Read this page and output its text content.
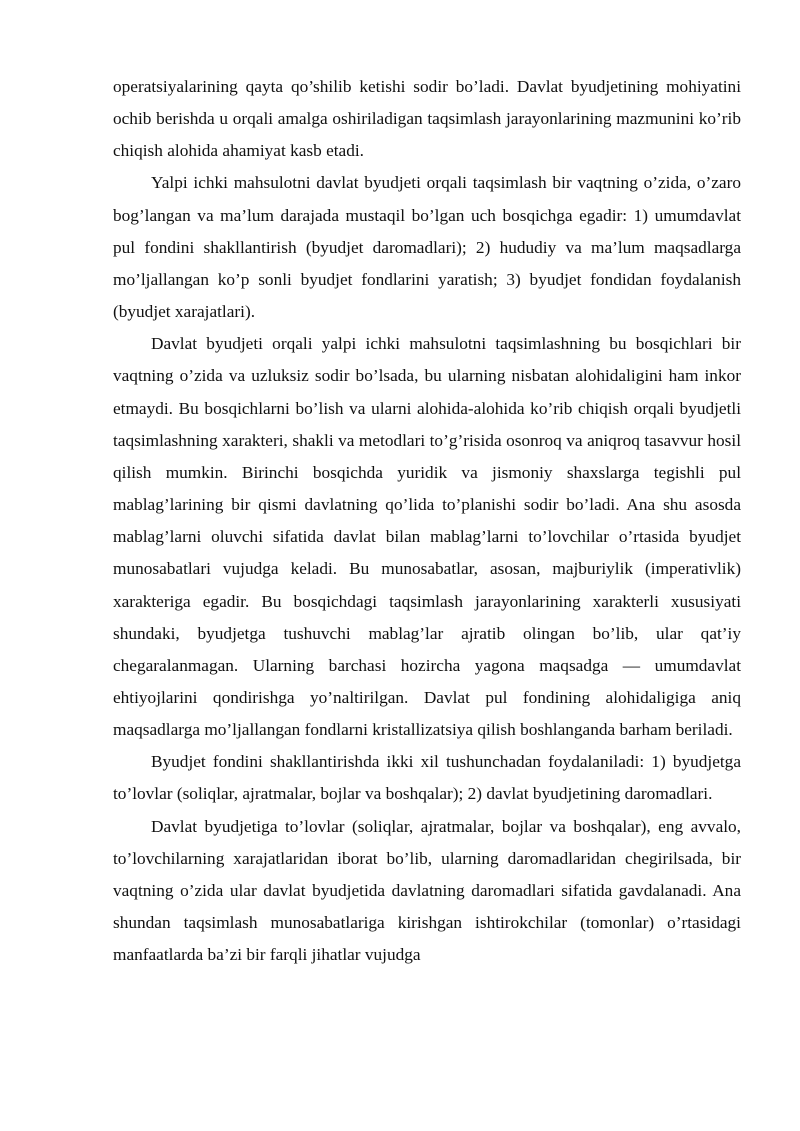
operatsiyalarining qayta qo’shilib ketishi sodir bo’ladi. Davlat byudjetining mohiyatini ochib berishda u orqali amalga oshiriladigan taqsimlash jarayonlarining mazmunini ko’rib chiqish alohida ahamiyat kasb etadi.

Yalpi ichki mahsulotni davlat byudjeti orqali taqsimlash bir vaqtning o’zida, o’zaro bog’langan va ma’lum darajada mustaqil bo’lgan uch bosqichga egadir: 1) umumdavlat pul fondini shakllantirish (byudjet daromadlari); 2) hududiy va ma’lum maqsadlarga mo’ljallangan ko’p sonli byudjet fondlarini yaratish; 3) byudjet fondidan foydalanish (byudjet xarajatlari).

Davlat byudjeti orqali yalpi ichki mahsulotni taqsimlashning bu bosqichlari bir vaqtning o’zida va uzluksiz sodir bo’lsada, bu ularning nisbatan alohidaligini ham inkor etmaydi. Bu bosqichlarni bo’lish va ularni alohida-alohida ko’rib chiqish orqali byudjetli taqsimlashning xarakteri, shakli va metodlari to’g’risida osonroq va aniqroq tasavvur hosil qilish mumkin. Birinchi bosqichda yuridik va jismoniy shaxslarga tegishli pul mablag’larining bir qismi davlatning qo’lida to’planishi sodir bo’ladi. Ana shu asosda mablag’larni oluvchi sifatida davlat bilan mablag’larni to’lovchilar o’rtasida byudjet munosabatlari vujudga keladi. Bu munosabatlar, asosan, majburiylik (imperativlik) xarakteriga egadir. Bu bosqichdagi taqsimlash jarayonlarining xarakterli xususiyati shundaki, byudjetga tushuvchi mablag’lar ajratib olingan bo’lib, ular qat’iy chegaralanmagan. Ularning barchasi hozircha yagona maqsadga — umumdavlat ehtiyojlarini qondirishga yo’naltirilgan. Davlat pul fondining alohidaligiga aniq maqsadlarga mo’ljallangan fondlarni kristallizatsiya qilish boshlanganda barham beriladi.

Byudjet fondini shakllantirishda ikki xil tushunchadan foydalaniladi: 1) byudjetga to’lovlar (soliqlar, ajratmalar, bojlar va boshqalar); 2) davlat byudjetining daromadlari.

Davlat byudjetiga to’lovlar (soliqlar, ajratmalar, bojlar va boshqalar), eng avvalo, to’lovchilarning xarajatlaridan iborat bo’lib, ularning daromadlaridan chegirilsada, bir vaqtning o’zida ular davlat byudjetida davlatning daromadlari sifatida gavdalanadi. Ana shundan taqsimlash munosabatlariga kirishgan ishtirokchilar (tomonlar) o’rtasidagi manfaatlarda ba’zi bir farqli jihatlar vujudga
